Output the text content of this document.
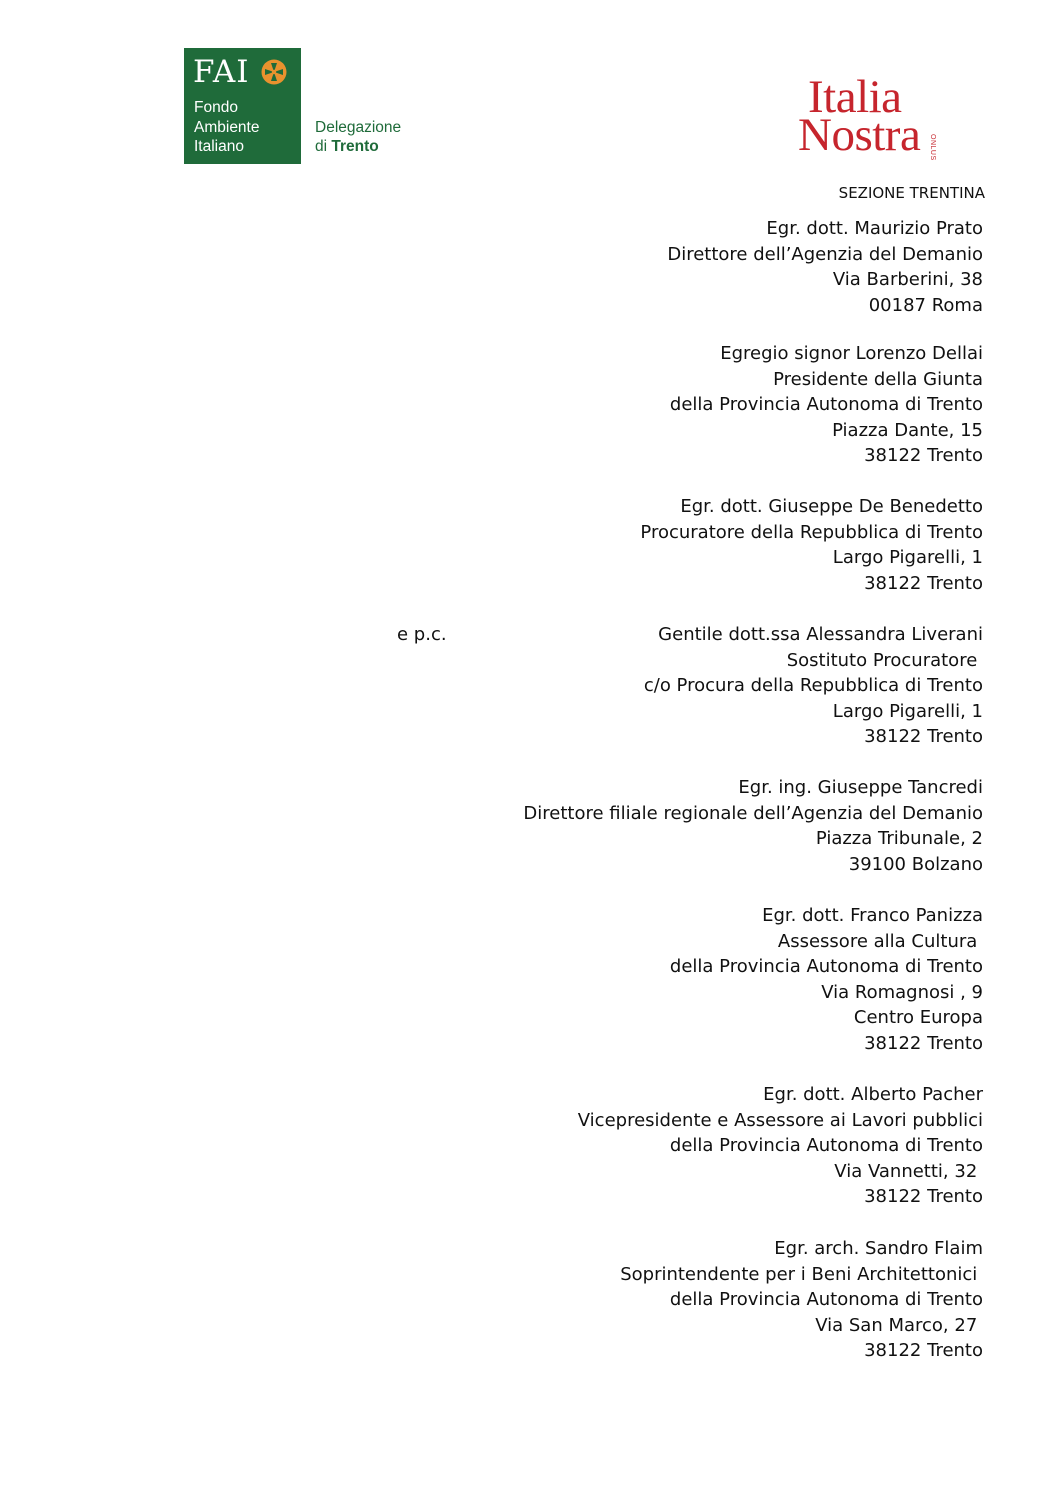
FAI
Fondo
Ambiente
Italiano
Delegazione
di Trento
Italia
Nostra ONLUS
SEZIONE TRENTINA
e p.c.
Egr. dott. Maurizio Prato
Direttore dell’Agenzia del Demanio
Via Barberini, 38
00187 Roma
Egregio signor Lorenzo Dellai
Presidente della Giunta
della Provincia Autonoma di Trento
Piazza Dante, 15
38122 Trento
Egr. dott. Giuseppe De Benedetto
Procuratore della Repubblica di Trento
Largo Pigarelli, 1
38122 Trento
Gentile dott.ssa Alessandra Liverani
Sostituto Procuratore
c/o Procura della Repubblica di Trento
Largo Pigarelli, 1
38122 Trento
Egr. ing. Giuseppe Tancredi
Direttore filiale regionale dell’Agenzia del Demanio
Piazza Tribunale, 2
39100 Bolzano
Egr. dott. Franco Panizza
Assessore alla Cultura
della Provincia Autonoma di Trento
Via Romagnosi , 9
Centro Europa
38122 Trento
Egr. dott. Alberto Pacher
Vicepresidente e Assessore ai Lavori pubblici
della Provincia Autonoma di Trento
Via Vannetti, 32
38122 Trento
Egr. arch. Sandro Flaim
Soprintendente per i Beni Architettonici
della Provincia Autonoma di Trento
Via San Marco, 27
38122 Trento
